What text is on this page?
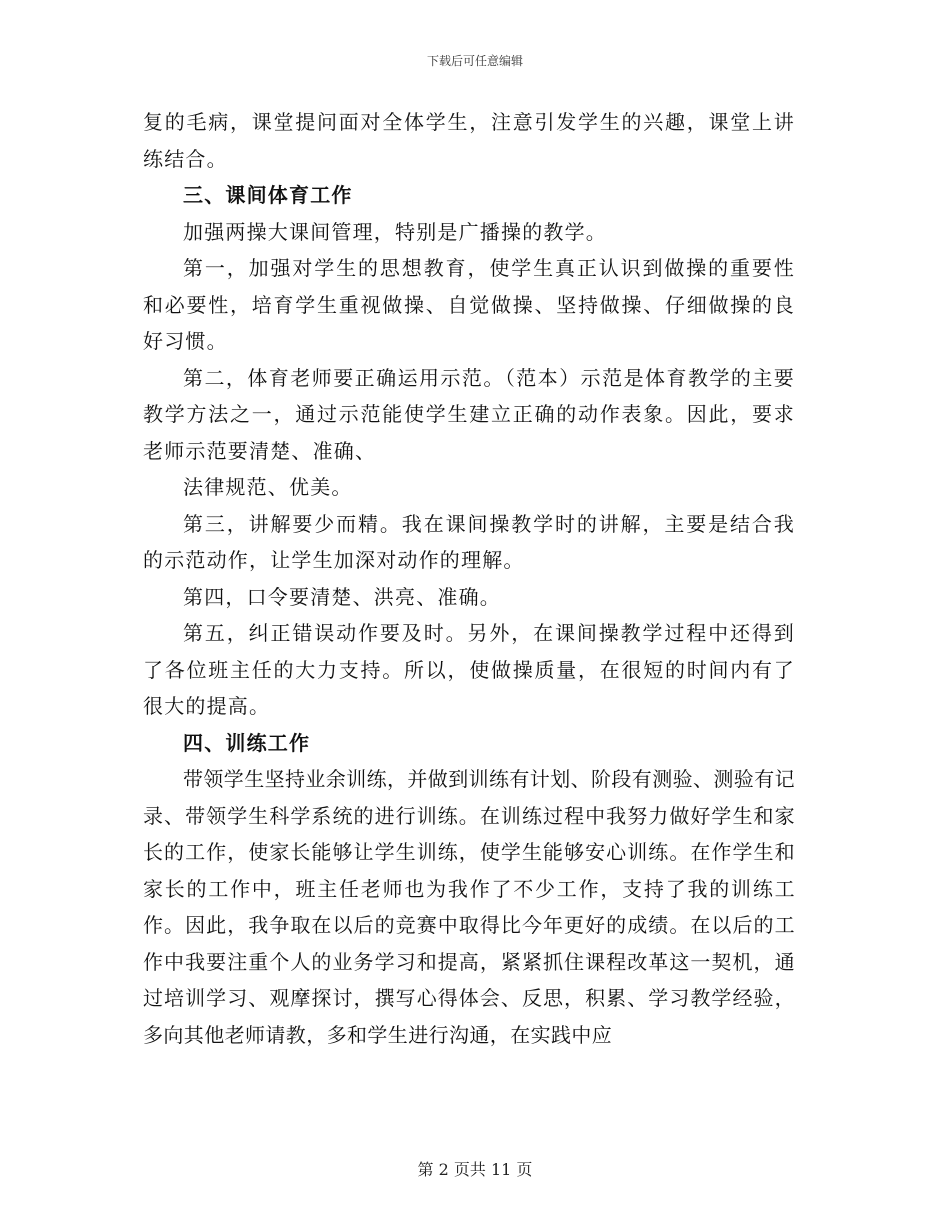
下载后可任意编辑

复的毛病，课堂提问面对全体学生，注意引发学生的兴趣，课堂上讲练结合。

三、课间体育工作

加强两操大课间管理，特别是广播操的教学。

第一，加强对学生的思想教育，使学生真正认识到做操的重要性和必要性，培育学生重视做操、自觉做操、坚持做操、仔细做操的良好习惯。

第二，体育老师要正确运用示范。（范本）示范是体育教学的主要教学方法之一，通过示范能使学生建立正确的动作表象。因此，要求老师示范要清楚、准确、

法律规范、优美。

第三，讲解要少而精。我在课间操教学时的讲解，主要是结合我的示范动作，让学生加深对动作的理解。

第四，口令要清楚、洪亮、准确。

第五，纠正错误动作要及时。另外，在课间操教学过程中还得到了各位班主任的大力支持。所以，使做操质量，在很短的时间内有了很大的提高。

四、训练工作

带领学生坚持业余训练，并做到训练有计划、阶段有测验、测验有记录、带领学生科学系统的进行训练。在训练过程中我努力做好学生和家长的工作，使家长能够让学生训练，使学生能够安心训练。在作学生和家长的工作中，班主任老师也为我作了不少工作，支持了我的训练工作。因此，我争取在以后的竞赛中取得比今年更好的成绩。在以后的工作中我要注重个人的业务学习和提高，紧紧抓住课程改革这一契机，通过培训学习、观摩探讨，撰写心得体会、反思，积累、学习教学经验，多向其他老师请教，多和学生进行沟通，在实践中应

第 2 页共 11 页
